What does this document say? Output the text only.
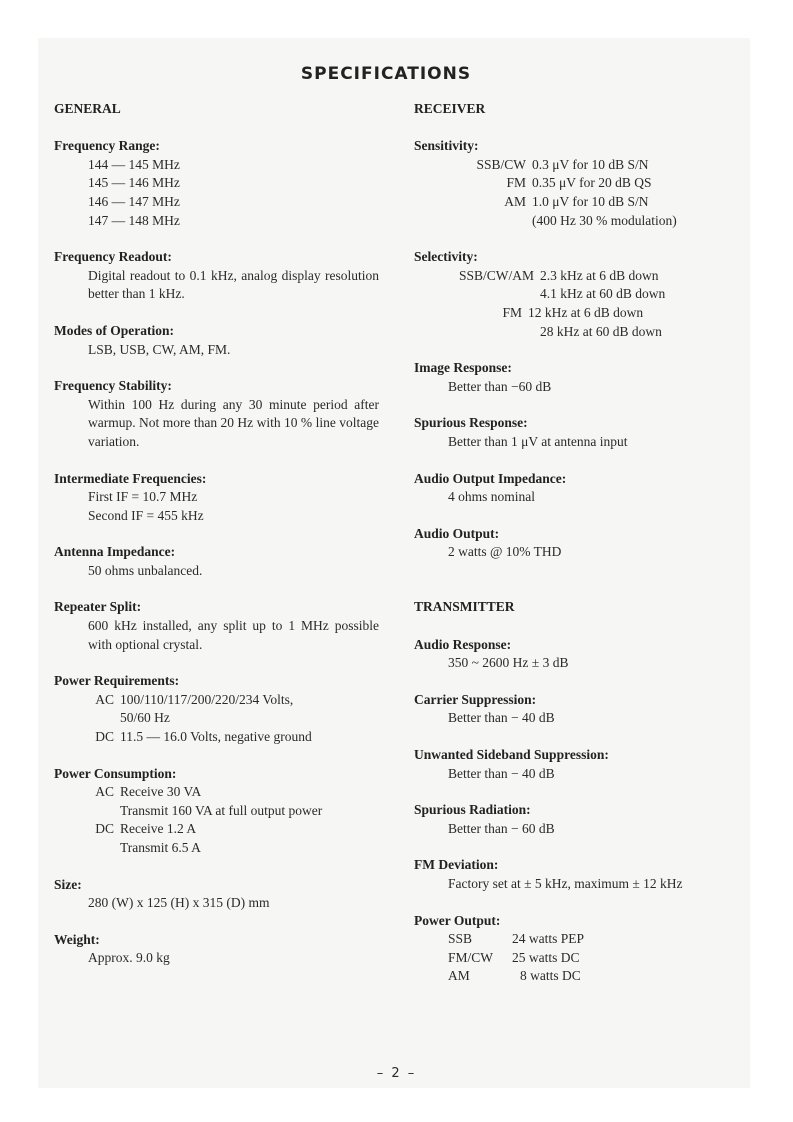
SPECIFICATIONS
GENERAL
Frequency Range:
144 — 145 MHz
145 — 146 MHz
146 — 147 MHz
147 — 148 MHz
Frequency Readout:
Digital readout to 0.1 kHz, analog display resolution better than 1 kHz.
Modes of Operation:
LSB, USB, CW, AM, FM.
Frequency Stability:
Within 100 Hz during any 30 minute period after warmup. Not more than 20 Hz with 10 % line voltage variation.
Intermediate Frequencies:
First IF = 10.7 MHz
Second IF = 455 kHz
Antenna Impedance:
50 ohms unbalanced.
Repeater Split:
600 kHz installed, any split up to 1 MHz possible with optional crystal.
Power Requirements:
AC 100/110/117/200/220/234 Volts,
50/60 Hz
DC 11.5 — 16.0 Volts, negative ground
Power Consumption:
AC Receive 30 VA
Transmit 160 VA at full output power
DC Receive 1.2 A
Transmit 6.5 A
Size:
280 (W) x 125 (H) x 315 (D) mm
Weight:
Approx. 9.0 kg
RECEIVER
Sensitivity:
SSB/CW 0.3 μV for 10 dB S/N
FM 0.35 μV for 20 dB QS
AM 1.0 μV for 10 dB S/N
(400 Hz 30 % modulation)
Selectivity:
SSB/CW/AM 2.3 kHz at 6 dB down
4.1 kHz at 60 dB down
FM 12 kHz at 6 dB down
28 kHz at 60 dB down
Image Response:
Better than −60 dB
Spurious Response:
Better than 1 μV at antenna input
Audio Output Impedance:
4 ohms nominal
Audio Output:
2 watts @ 10% THD
TRANSMITTER
Audio Response:
350 ~ 2600 Hz ± 3 dB
Carrier Suppression:
Better than − 40 dB
Unwanted Sideband Suppression:
Better than − 40 dB
Spurious Radiation:
Better than − 60 dB
FM Deviation:
Factory set at ± 5 kHz, maximum ± 12 kHz
Power Output:
SSB	24 watts PEP
FM/CW	25 watts DC
AM	8 watts DC
– 2 –
